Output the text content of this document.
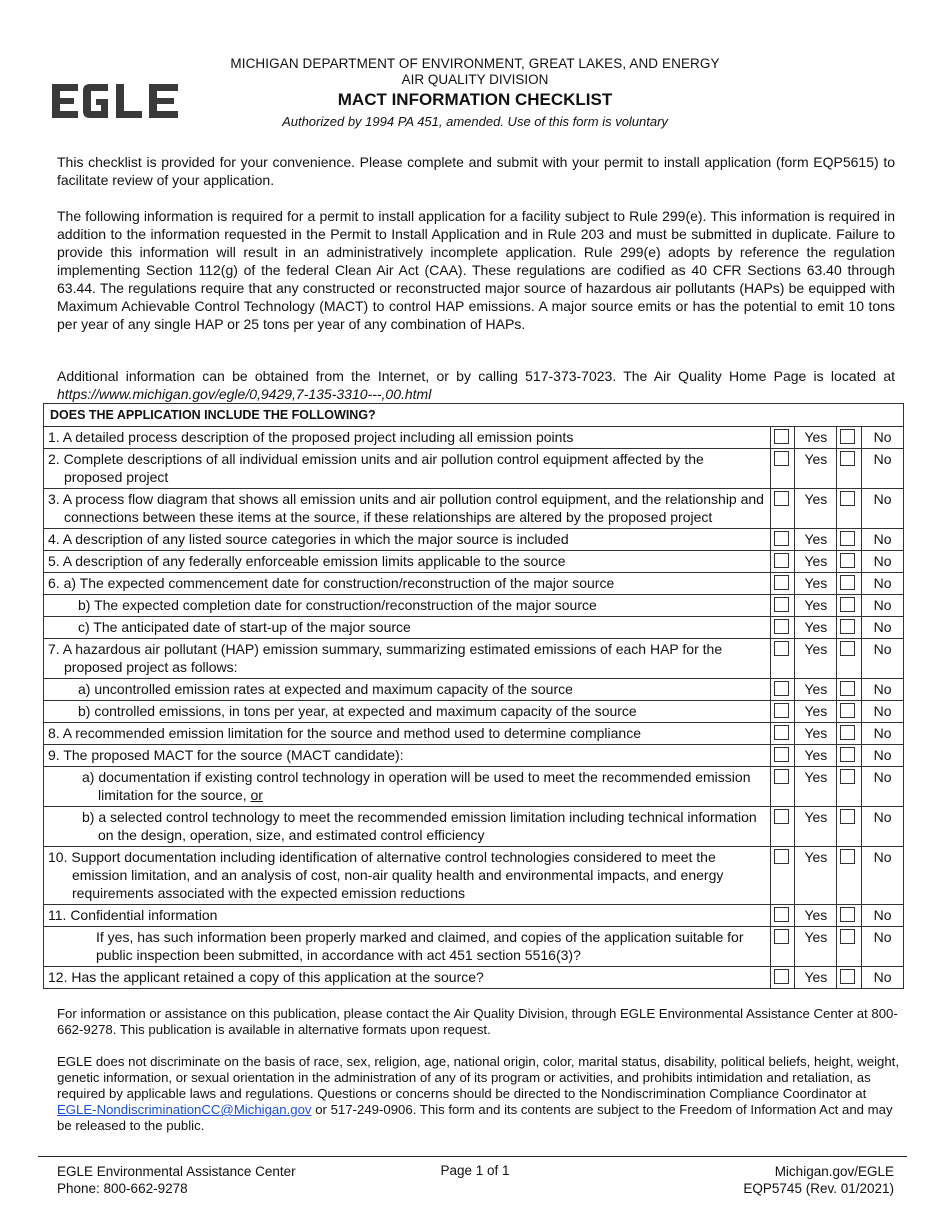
MICHIGAN DEPARTMENT OF ENVIRONMENT, GREAT LAKES, AND ENERGY
AIR QUALITY DIVISION
MACT INFORMATION CHECKLIST
Authorized by 1994 PA 451, amended. Use of this form is voluntary
This checklist is provided for your convenience. Please complete and submit with your permit to install application (form EQP5615) to facilitate review of your application.
The following information is required for a permit to install application for a facility subject to Rule 299(e). This information is required in addition to the information requested in the Permit to Install Application and in Rule 203 and must be submitted in duplicate. Failure to provide this information will result in an administratively incomplete application. Rule 299(e) adopts by reference the regulation implementing Section 112(g) of the federal Clean Air Act (CAA). These regulations are codified as 40 CFR Sections 63.40 through 63.44. The regulations require that any constructed or reconstructed major source of hazardous air pollutants (HAPs) be equipped with Maximum Achievable Control Technology (MACT) to control HAP emissions. A major source emits or has the potential to emit 10 tons per year of any single HAP or 25 tons per year of any combination of HAPs.
Additional information can be obtained from the Internet, or by calling 517-373-7023. The Air Quality Home Page is located at https://www.michigan.gov/egle/0,9429,7-135-3310---,00.html
DOES THE APPLICATION INCLUDE THE FOLLOWING?				
1. A detailed process description of the proposed project including all emission points		Yes		No

2. Complete descriptions of all individual emission units and air pollution control equipment affected by the proposed project		Yes		No

3. A process flow diagram that shows all emission units and air pollution control equipment, and the relationship and connections between these items at the source, if these relationships are altered by the proposed project		Yes		No
4. A description of any listed source categories in which the major source is included		Yes		No
5. A description of any federally enforceable emission limits applicable to the source		Yes		No
6. a) The expected commencement date for construction/reconstruction of the major source		Yes		No
b) The expected completion date for construction/reconstruction of the major source		Yes		No
c) The anticipated date of start-up of the major source		Yes		No

7. A hazardous air pollutant (HAP) emission summary, summarizing estimated emissions of each HAP for the proposed project as follows:		Yes		No
a) uncontrolled emission rates at expected and maximum capacity of the source		Yes		No
b) controlled emissions, in tons per year, at expected and maximum capacity of the source		Yes		No
8. A recommended emission limitation for the source and method used to determine compliance		Yes		No
9. The proposed MACT for the source (MACT candidate):		Yes		No

a) documentation if existing control technology in operation will be used to meet the recommended emission limitation for the source, or		Yes		No

b) a selected control technology to meet the recommended emission limitation including technical information on the design, operation, size, and estimated control efficiency		Yes		No

10. Support documentation including identification of alternative control technologies considered to meet the emission limitation, and an analysis of cost, non-air quality health and environmental impacts, and energy requirements associated with the expected emission reductions		Yes		No
11. Confidential information		Yes		No
If yes, has such information been properly marked and claimed, and copies of the application suitable for public inspection been submitted, in accordance with act 451 section 5516(3)?		Yes		No
12. Has the applicant retained a copy of this application at the source?		Yes		No
For information or assistance on this publication, please contact the Air Quality Division, through EGLE Environmental Assistance Center at 800-662-9278. This publication is available in alternative formats upon request.
EGLE does not discriminate on the basis of race, sex, religion, age, national origin, color, marital status, disability, political beliefs, height, weight, genetic information, or sexual orientation in the administration of any of its program or activities, and prohibits intimidation and retaliation, as required by applicable laws and regulations. Questions or concerns should be directed to the Nondiscrimination Compliance Coordinator at EGLE-NondiscriminationCC@Michigan.gov or 517-249-0906. This form and its contents are subject to the Freedom of Information Act and may be released to the public.
EGLE Environmental Assistance Center
Phone: 800-662-9278
Page 1 of 1	Michigan.gov/EGLE
EQP5745 (Rev. 01/2021)
